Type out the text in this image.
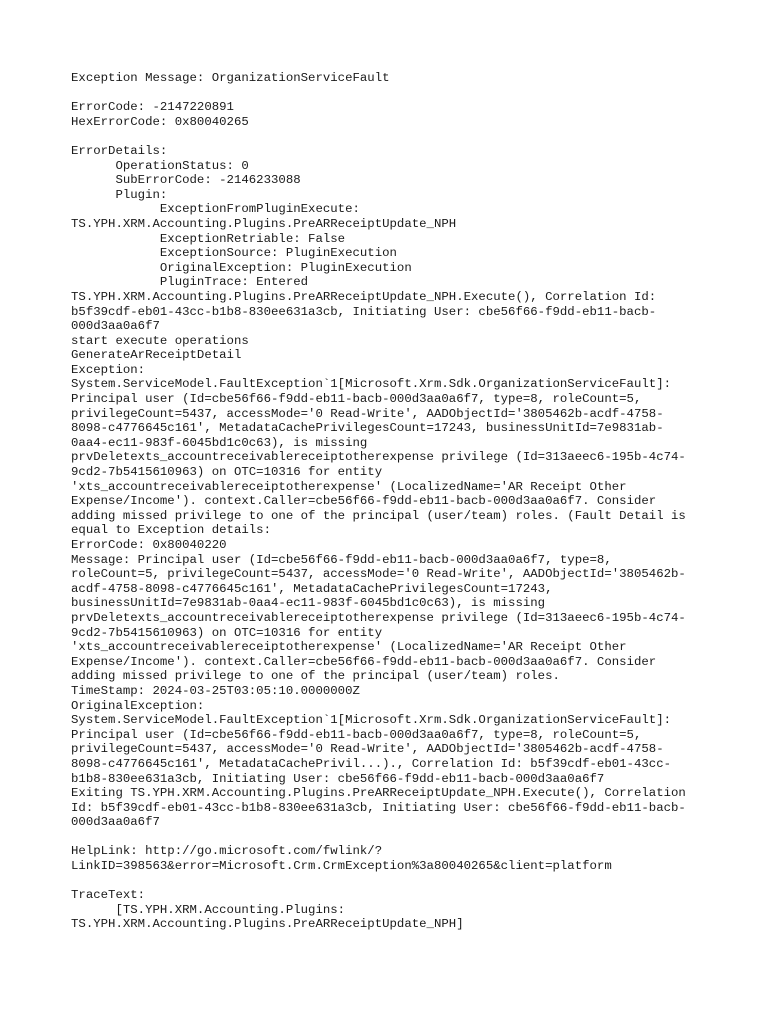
Exception Message: OrganizationServiceFault

ErrorCode: -2147220891
HexErrorCode: 0x80040265

ErrorDetails:
OperationStatus: 0
SubErrorCode: -2146233088
Plugin:
ExceptionFromPluginExecute:
TS.YPH.XRM.Accounting.Plugins.PreARReceiptUpdate_NPH
ExceptionRetriable: False
ExceptionSource: PluginExecution
OriginalException: PluginExecution
PluginTrace: Entered
TS.YPH.XRM.Accounting.Plugins.PreARReceiptUpdate_NPH.Execute(), Correlation Id:
b5f39cdf-eb01-43cc-b1b8-830ee631a3cb, Initiating User: cbe56f66-f9dd-eb11-bacb-
000d3aa0a6f7
start execute operations
GenerateArReceiptDetail
Exception:
System.ServiceModel.FaultException`1[Microsoft.Xrm.Sdk.OrganizationServiceFault]:
Principal user (Id=cbe56f66-f9dd-eb11-bacb-000d3aa0a6f7, type=8, roleCount=5,
privilegeCount=5437, accessMode='0 Read-Write', AADObjectId='3805462b-acdf-4758-
8098-c4776645c161', MetadataCachePrivilegesCount=17243, businessUnitId=7e9831ab-
0aa4-ec11-983f-6045bd1c0c63), is missing
prvDeletexts_accountreceivablereceiptotherexpense privilege (Id=313aeec6-195b-4c74-
9cd2-7b5415610963) on OTC=10316 for entity
'xts_accountreceivablereceiptotherexpense' (LocalizedName='AR Receipt Other
Expense/Income'). context.Caller=cbe56f66-f9dd-eb11-bacb-000d3aa0a6f7. Consider
adding missed privilege to one of the principal (user/team) roles. (Fault Detail is
equal to Exception details:
ErrorCode: 0x80040220
Message: Principal user (Id=cbe56f66-f9dd-eb11-bacb-000d3aa0a6f7, type=8,
roleCount=5, privilegeCount=5437, accessMode='0 Read-Write', AADObjectId='3805462b-
acdf-4758-8098-c4776645c161', MetadataCachePrivilegesCount=17243,
businessUnitId=7e9831ab-0aa4-ec11-983f-6045bd1c0c63), is missing
prvDeletexts_accountreceivablereceiptotherexpense privilege (Id=313aeec6-195b-4c74-
9cd2-7b5415610963) on OTC=10316 for entity
'xts_accountreceivablereceiptotherexpense' (LocalizedName='AR Receipt Other
Expense/Income'). context.Caller=cbe56f66-f9dd-eb11-bacb-000d3aa0a6f7. Consider
adding missed privilege to one of the principal (user/team) roles.
TimeStamp: 2024-03-25T03:05:10.0000000Z
OriginalException:
System.ServiceModel.FaultException`1[Microsoft.Xrm.Sdk.OrganizationServiceFault]:
Principal user (Id=cbe56f66-f9dd-eb11-bacb-000d3aa0a6f7, type=8, roleCount=5,
privilegeCount=5437, accessMode='0 Read-Write', AADObjectId='3805462b-acdf-4758-
8098-c4776645c161', MetadataCachePrivil...)., Correlation Id: b5f39cdf-eb01-43cc-
b1b8-830ee631a3cb, Initiating User: cbe56f66-f9dd-eb11-bacb-000d3aa0a6f7
Exiting TS.YPH.XRM.Accounting.Plugins.PreARReceiptUpdate_NPH.Execute(), Correlation
Id: b5f39cdf-eb01-43cc-b1b8-830ee631a3cb, Initiating User: cbe56f66-f9dd-eb11-bacb-
000d3aa0a6f7

HelpLink: http://go.microsoft.com/fwlink/?
LinkID=398563&error=Microsoft.Crm.CrmException%3a80040265&client=platform

TraceText:
[TS.YPH.XRM.Accounting.Plugins:
TS.YPH.XRM.Accounting.Plugins.PreARReceiptUpdate_NPH]
